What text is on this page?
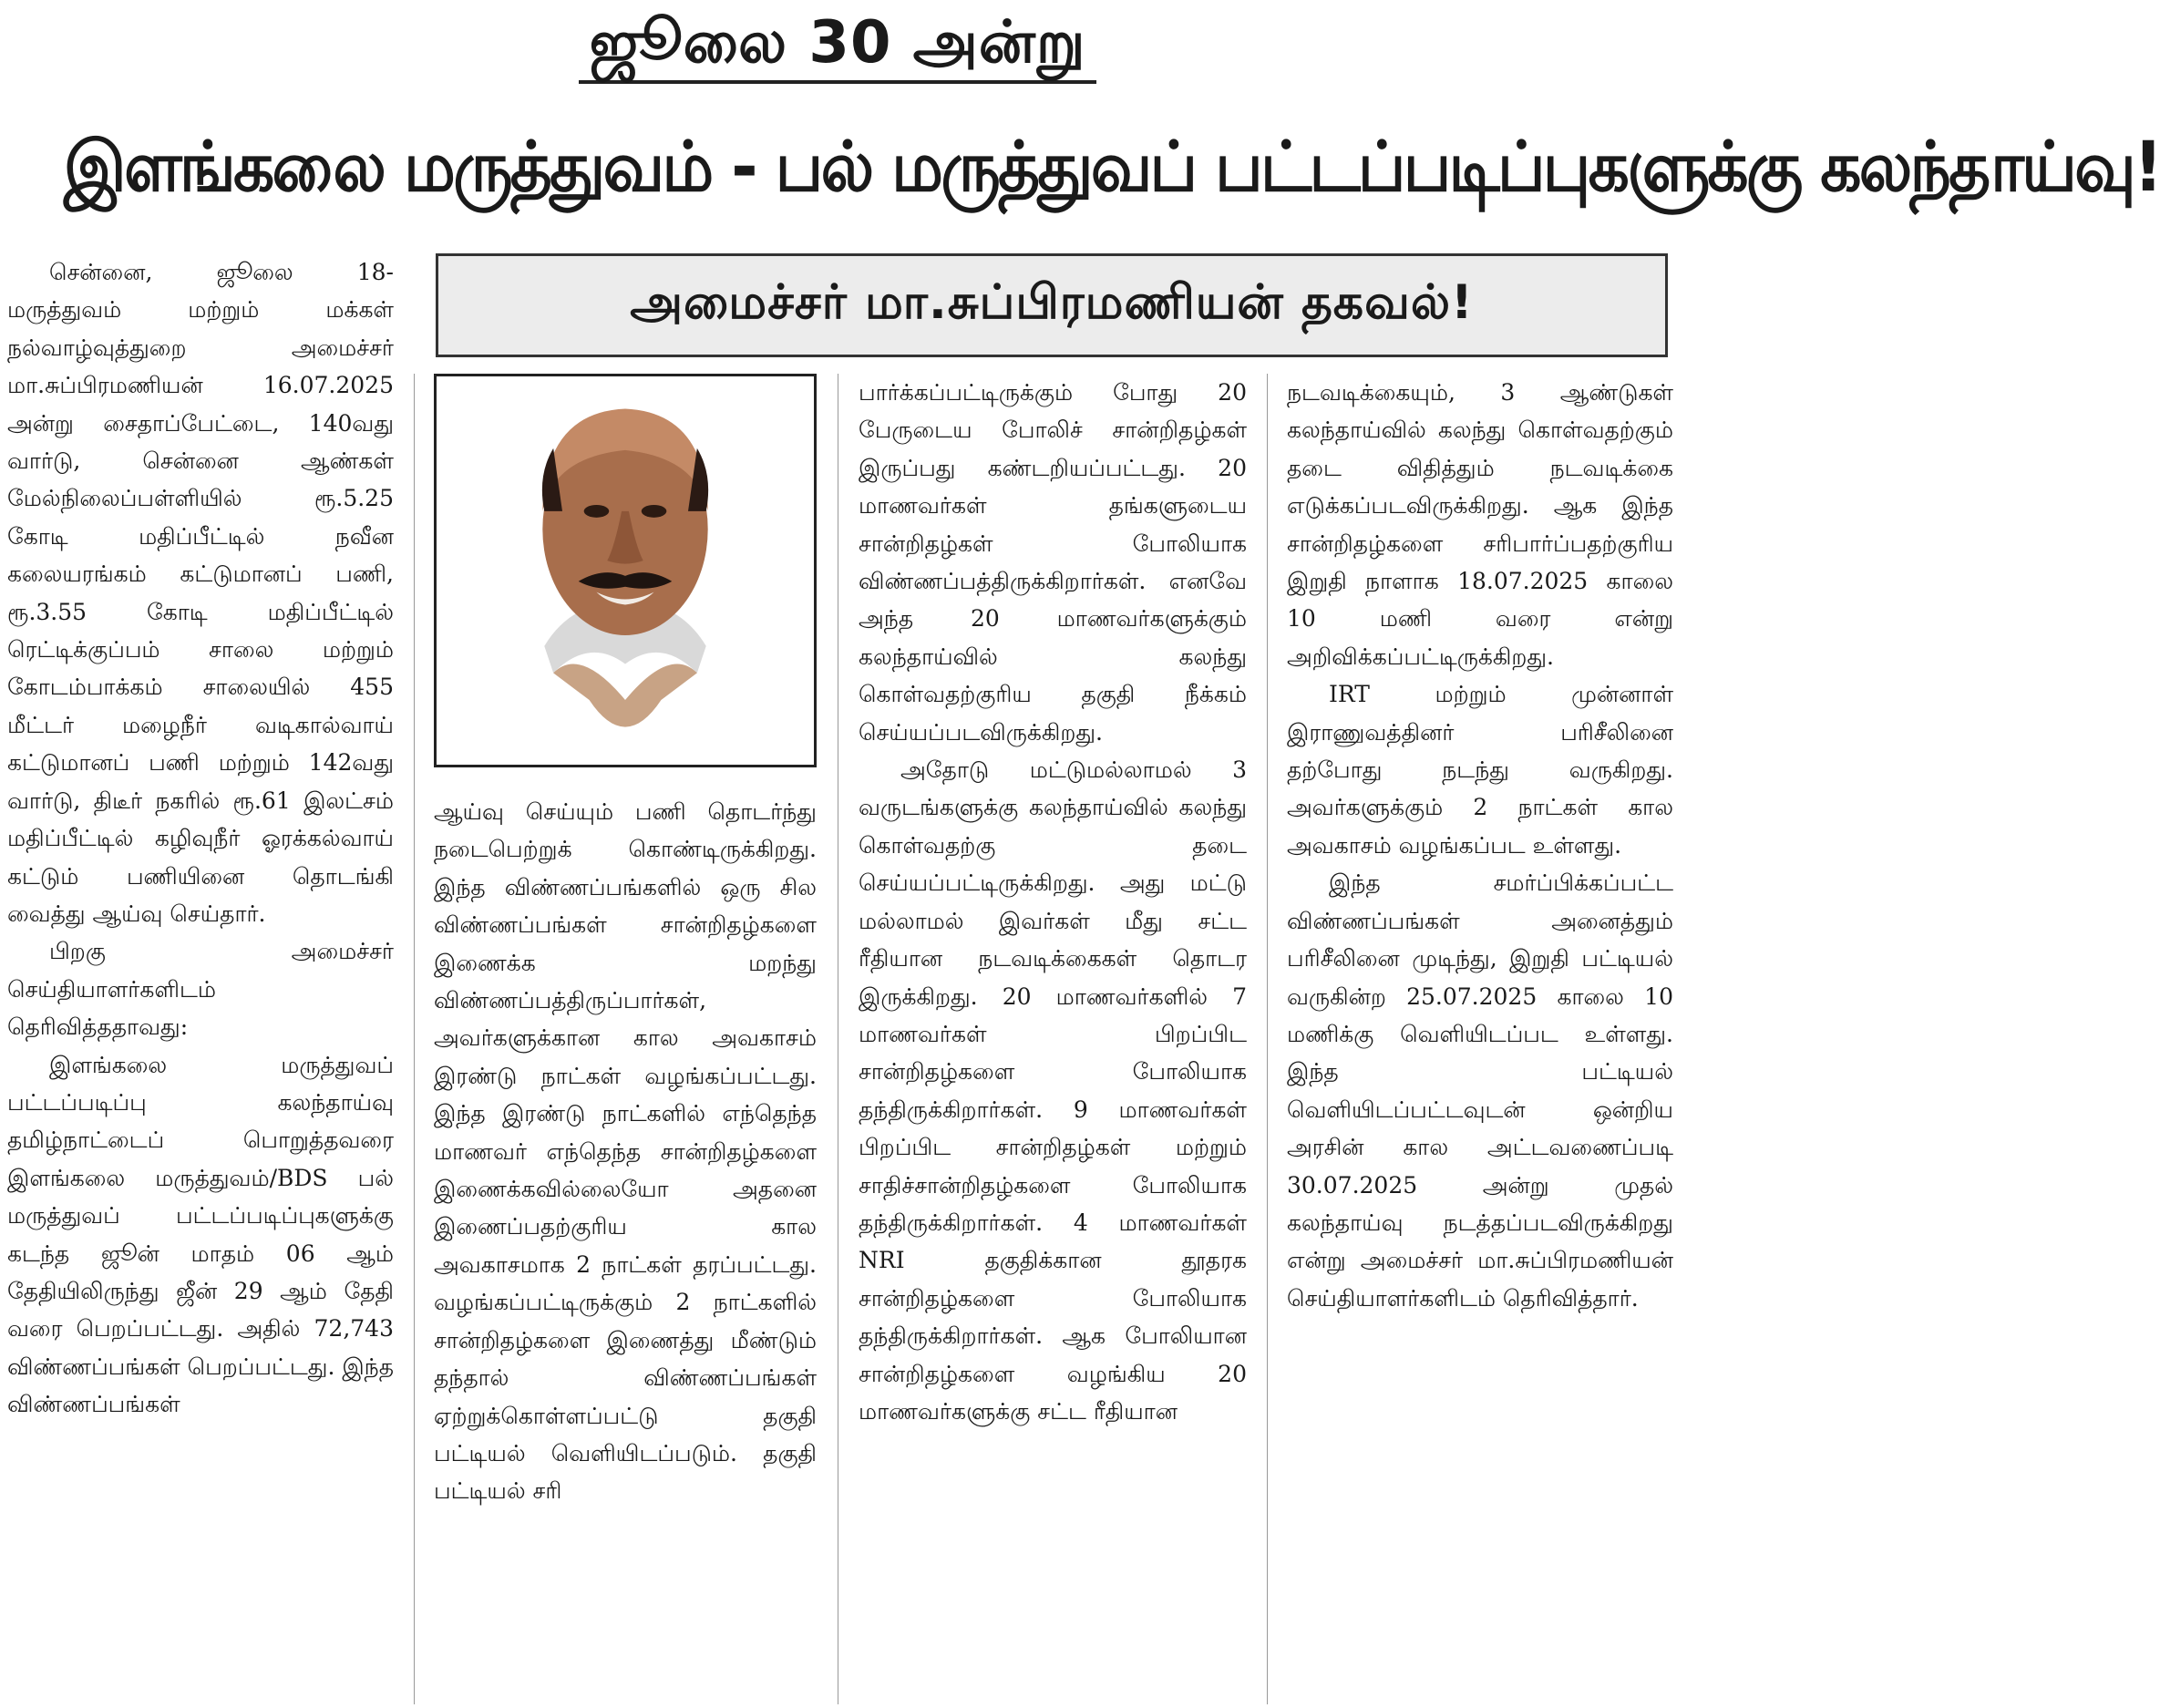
ஜூலை 30 அன்று
இளங்கலை மருத்துவம் - பல் மருத்துவப் பட்டப்படிப்புகளுக்கு கலந்தாய்வு!
அமைச்சர் மா.சுப்பிரமணியன் தகவல்!

சென்னை, ஜூலை 18- மருத்துவம் மற்றும் மக்கள் நல்வாழ்வுத்துறை அமைச்சர் மா.சுப்பிரமணியன் 16.07.2025 அன்று சைதாப்பேட்டை, 140வது வார்டு, சென்னை ஆண்கள் மேல்நிலைப்பள்ளியில் ரூ.5.25 கோடி மதிப்பீட்டில் நவீன கலையரங்கம் கட்டுமானப் பணி, ரூ.3.55 கோடி மதிப்பீட்டில் ரெட்டிக்குப்பம் சாலை மற்றும் கோடம்பாக்கம் சாலையில் 455 மீட்டர் மழைநீர் வடிகால்வாய் கட்டுமானப் பணி மற்றும் 142வது வார்டு, திடீர் நகரில் ரூ.61 இலட்சம் மதிப்பீட்டில் கழிவுநீர் ஓரக்கல்வாய் கட்டும் பணியினை தொடங்கி வைத்து ஆய்வு செய்தார்.

பிறகு அமைச்சர் செய்தியாளர்களிடம் தெரிவித்ததாவது:

இளங்கலை மருத்துவப் பட்டப்படிப்பு கலந்தாய்வு தமிழ்நாட்டைப் பொறுத்தவரை இளங்கலை மருத்துவம்/BDS பல் மருத்துவப் பட்டப்படிப்புகளுக்கு கடந்த ஜூன் மாதம் 06 ஆம் தேதியிலிருந்து ஜீன் 29 ஆம் தேதி வரை பெறப்பட்டது. அதில் 72,743 விண்ணப்பங்கள் பெறப்பட்டது. இந்த விண்ணப்பங்கள்

ஆய்வு செய்யும் பணி தொடர்ந்து நடைபெற்றுக் கொண்டிருக்கிறது. இந்த விண்ணப்பங்களில் ஒரு சில விண்ணப்பங்கள் சான்றிதழ்களை இணைக்க மறந்து விண்ணப்பத்திருப்பார்கள், அவர்களுக்கான கால அவகாசம் இரண்டு நாட்கள் வழங்கப்பட்டது. இந்த இரண்டு நாட்களில் எந்தெந்த மாணவர் எந்தெந்த சான்றிதழ்களை இணைக்கவில்லையோ அதனை இணைப்பதற்குரிய கால அவகாசமாக 2 நாட்கள் தரப்பட்டது. வழங்கப்பட்டிருக்கும் 2 நாட்களில் சான்றிதழ்களை இணைத்து மீண்டும் தந்தால் விண்ணப்பங்கள் ஏற்றுக்கொள்ளப்பட்டு தகுதி பட்டியல் வெளியிடப்படும். தகுதி பட்டியல் சரி

பார்க்கப்பட்டிருக்கும் போது 20 பேருடைய போலிச் சான்றிதழ்கள் இருப்பது கண்டறியப்பட்டது. 20 மாணவர்கள் தங்களுடைய சான்றிதழ்கள் போலியாக விண்ணப்பத்திருக்கிறார்கள். எனவே அந்த 20 மாணவர்களுக்கும் கலந்தாய்வில் கலந்து கொள்வதற்குரிய தகுதி நீக்கம் செய்யப்படவிருக்கிறது.

அதோடு மட்டுமல்லாமல் 3 வருடங்களுக்கு கலந்தாய்வில் கலந்து கொள்வதற்கு தடை செய்யப்பட்டிருக்கிறது. அது மட்டு மல்லாமல் இவர்கள் மீது சட்ட ரீதியான நடவடிக்கைகள் தொடர இருக்கிறது. 20 மாணவர்களில் 7 மாணவர்கள் பிறப்பிட சான்றிதழ்களை போலியாக தந்திருக்கிறார்கள். 9 மாணவர்கள் பிறப்பிட சான்றிதழ்கள் மற்றும் சாதிச்சான்றிதழ்களை போலியாக தந்திருக்கிறார்கள். 4 மாணவர்கள் NRI தகுதிக்கான தூதரக சான்றிதழ்களை போலியாக தந்திருக்கிறார்கள். ஆக போலியான சான்றிதழ்களை வழங்கிய 20 மாணவர்களுக்கு சட்ட ரீதியான

நடவடிக்கையும், 3 ஆண்டுகள் கலந்தாய்வில் கலந்து கொள்வதற்கும் தடை விதித்தும் நடவடிக்கை எடுக்கப்படவிருக்கிறது. ஆக இந்த சான்றிதழ்களை சரிபார்ப்பதற்குரிய இறுதி நாளாக 18.07.2025 காலை 10 மணி வரை என்று அறிவிக்கப்பட்டிருக்கிறது.

IRT மற்றும் முன்னாள் இராணுவத்தினர் பரிசீலினை தற்போது நடந்து வருகிறது. அவர்களுக்கும் 2 நாட்கள் கால அவகாசம் வழங்கப்பட உள்ளது.

இந்த சமர்ப்பிக்கப்பட்ட விண்ணப்பங்கள் அனைத்தும் பரிசீலினை முடிந்து, இறுதி பட்டியல் வருகின்ற 25.07.2025 காலை 10 மணிக்கு வெளியிடப்பட உள்ளது. இந்த பட்டியல் வெளியிடப்பட்டவுடன் ஒன்றிய அரசின் கால அட்டவணைப்படி 30.07.2025 அன்று முதல் கலந்தாய்வு நடத்தப்படவிருக்கிறது என்று அமைச்சர் மா.சுப்பிரமணியன் செய்தியாளர்களிடம் தெரிவித்தார்.
